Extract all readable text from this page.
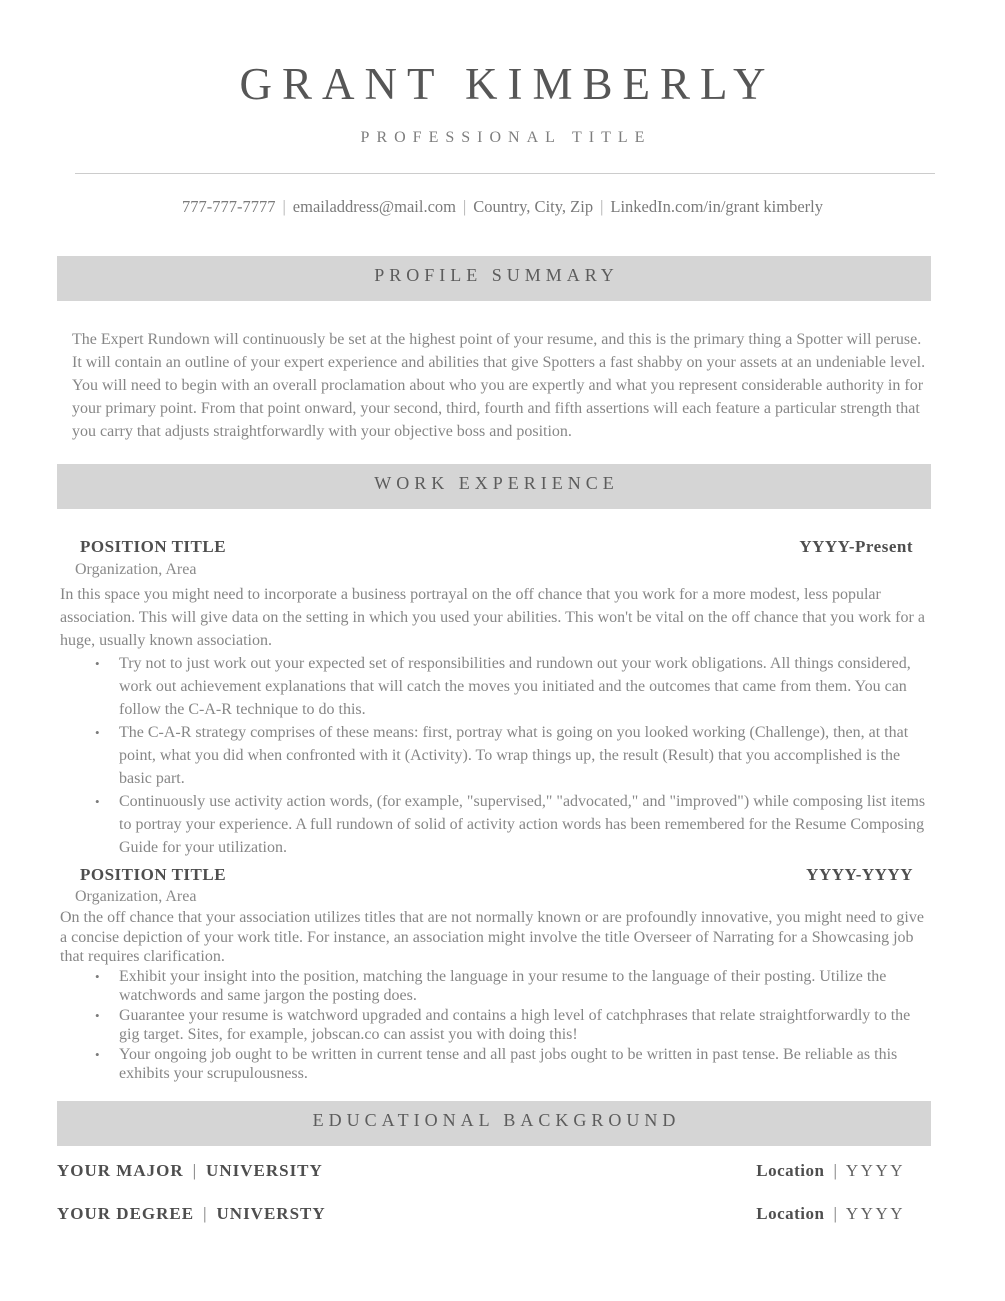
GRANT KIMBERLY
PROFESSIONAL TITLE
777-777-7777 | emailaddress@mail.com | Country, City, Zip | LinkedIn.com/in/grant kimberly
PROFILE SUMMARY

The Expert Rundown will continuously be set at the highest point of your resume, and this is the primary thing a Spotter will peruse. It will contain an outline of your expert experience and abilities that give Spotters a fast shabby on your assets at an undeniable level. You will need to begin with an overall proclamation about who you are expertly and what you represent considerable authority in for your primary point. From that point onward, your second, third, fourth and fifth assertions will each feature a particular strength that you carry that adjusts straightforwardly with your objective boss and position.

WORK EXPERIENCE
POSITION TITLE	YYYY-Present
Organization, Area

In this space you might need to incorporate a business portrayal on the off chance that you work for a more modest, less popular association. This will give data on the setting in which you used your abilities. This won't be vital on the off chance that you work for a huge, usually known association.

•	Try not to just work out your expected set of responsibilities and rundown out your work obligations. All things considered, work out achievement explanations that will catch the moves you initiated and the outcomes that came from them. You can follow the C-A-R technique to do this.
•	The C-A-R strategy comprises of these means: first, portray what is going on you looked working (Challenge), then, at that point, what you did when confronted with it (Activity). To wrap things up, the result (Result) that you accomplished is the basic part.
•	Continuously use activity action words, (for example, "supervised," "advocated," and "improved") while composing list items to portray your experience. A full rundown of solid of activity action words has been remembered for the Resume Composing Guide for your utilization.
POSITION TITLE	YYYY-YYYY
Organization, Area

On the off chance that your association utilizes titles that are not normally known or are profoundly innovative, you might need to give a concise depiction of your work title. For instance, an association might involve the title Overseer of Narrating for a Showcasing job that requires clarification.

•	Exhibit your insight into the position, matching the language in your resume to the language of their posting. Utilize the watchwords and same jargon the posting does.
•	Guarantee your resume is watchword upgraded and contains a high level of catchphrases that relate straightforwardly to the gig target. Sites, for example, jobscan.co can assist you with doing this!
•	Your ongoing job ought to be written in current tense and all past jobs ought to be written in past tense. Be reliable as this exhibits your scrupulousness.
EDUCATIONAL BACKGROUND
YOUR MAJOR | UNIVERSITY	Location | YYYY
YOUR DEGREE | UNIVERSTY	Location | YYYY
